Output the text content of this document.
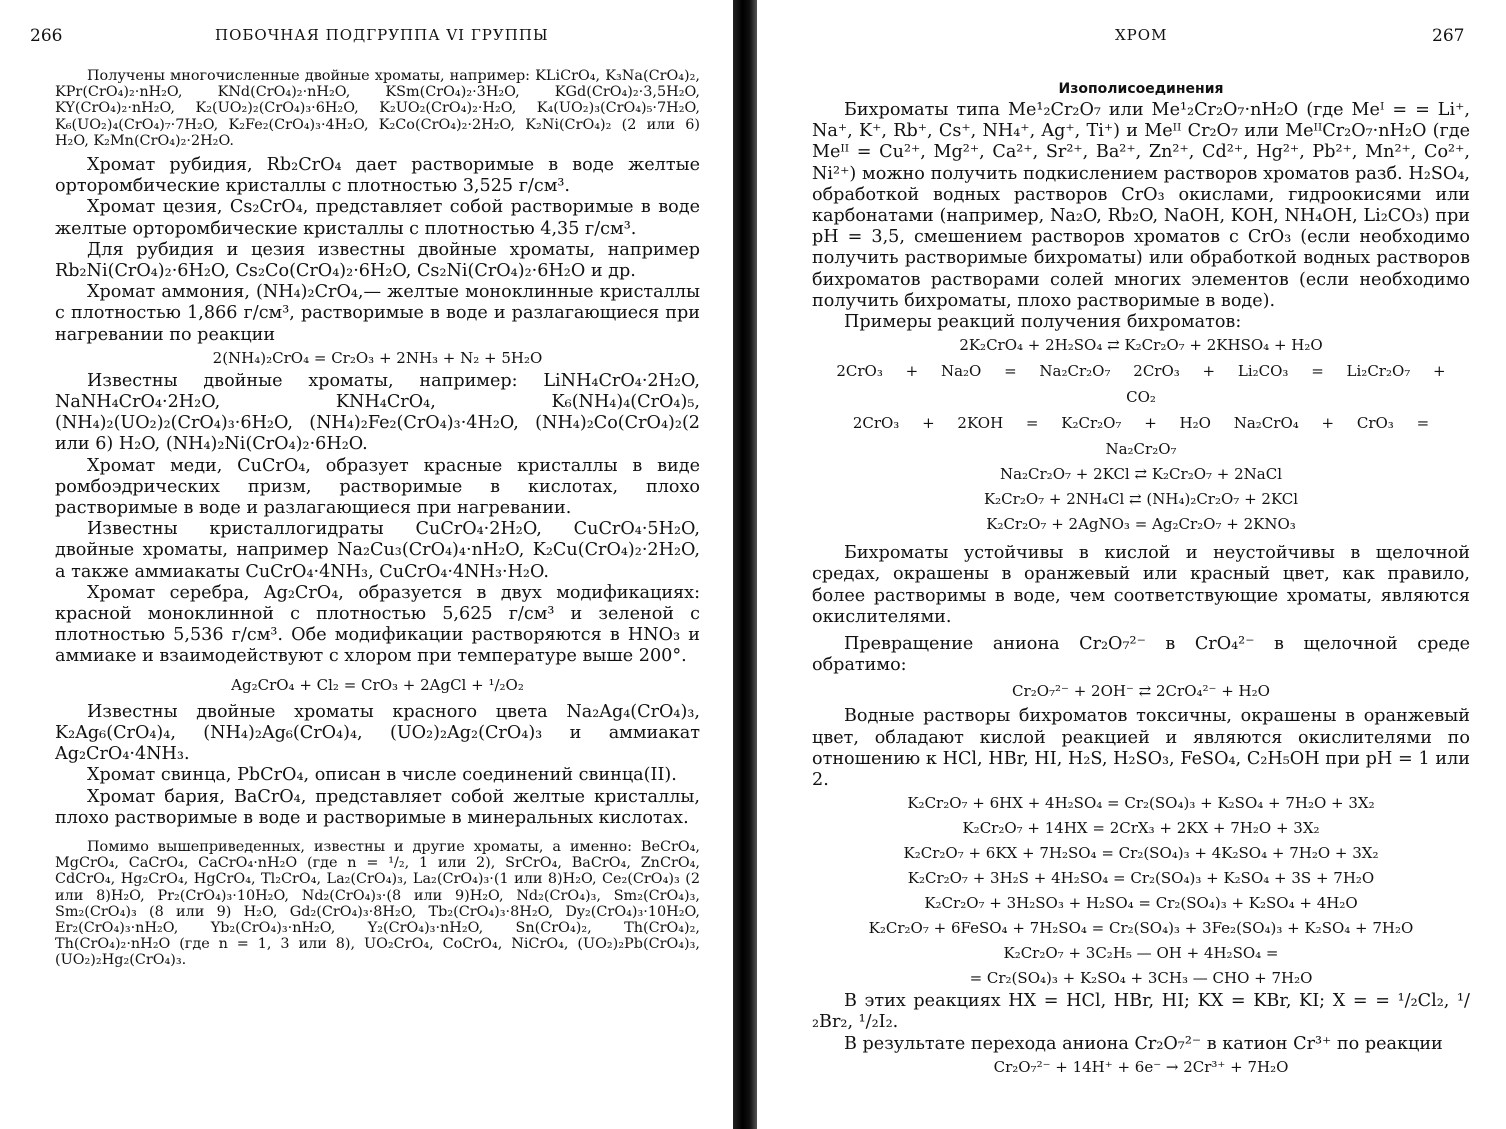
266	ПОБОЧНАЯ ПОДГРУППА VI ГРУППЫ

Получены многочисленные двойные хроматы, например: KLiCrO₄, K₃Na(CrO₄)₂, KPr(CrO₄)₂·nH₂O, KNd(CrO₄)₂·nH₂O, KSm(CrO₄)₂·3H₂O, KGd(CrO₄)₂·3,5H₂O, KY(CrO₄)₂·nH₂O, K₂(UO₂)₂(CrO₄)₃·6H₂O, K₂UO₂(CrO₄)₂·H₂O, K₄(UO₂)₃(CrO₄)₅·7H₂O, K₆(UO₂)₄(CrO₄)₇·7H₂O, K₂Fe₂(CrO₄)₃·4H₂O, K₂Co(CrO₄)₂·2H₂O, K₂Ni(CrO₄)₂ (2 или 6) H₂O, K₂Mn(CrO₄)₂·2H₂O.

Хромат рубидия, Rb₂CrO₄ дает растворимые в воде желтые орторомбические кристаллы с плотностью 3,525 г/см³.

Хромат цезия, Cs₂CrO₄, представляет собой растворимые в воде желтые орторомбические кристаллы с плотностью 4,35 г/см³.

Для рубидия и цезия известны двойные хроматы, например Rb₂Ni(CrO₄)₂·6H₂O, Cs₂Co(CrO₄)₂·6H₂O, Cs₂Ni(CrO₄)₂·6H₂O и др.

Хромат аммония, (NH₄)₂CrO₄,— желтые моноклинные кристаллы с плотностью 1,866 г/см³, растворимые в воде и разлагающиеся при нагревании по реакции

2(NH₄)₂CrO₄ = Cr₂O₃ + 2NH₃ + N₂ + 5H₂O

Известны двойные хроматы, например: LiNH₄CrO₄·2H₂O, NaNH₄CrO₄·2H₂O, KNH₄CrO₄, K₆(NH₄)₄(CrO₄)₅, (NH₄)₂(UO₂)₂(CrO₄)₃·6H₂O, (NH₄)₂Fe₂(CrO₄)₃·4H₂O, (NH₄)₂Co(CrO₄)₂(2 или 6) H₂O, (NH₄)₂Ni(CrO₄)₂·6H₂O.

Хромат меди, CuCrO₄, образует красные кристаллы в виде ромбоэдрических призм, растворимые в кислотах, плохо растворимые в воде и разлагающиеся при нагревании.

Известны кристаллогидраты CuCrO₄·2H₂O, CuCrO₄·5H₂O, двойные хроматы, например Na₂Cu₃(CrO₄)₄·nH₂O, K₂Cu(CrO₄)₂·2H₂O, а также аммиакаты CuCrO₄·4NH₃, CuCrO₄·4NH₃·H₂O.

Хромат серебра, Ag₂CrO₄, образуется в двух модификациях: красной моноклинной с плотностью 5,625 г/см³ и зеленой с плотностью 5,536 г/см³. Обе модификации растворяются в HNO₃ и аммиаке и взаимодействуют с хлором при температуре выше 200°.

Ag₂CrO₄ + Cl₂ = CrO₃ + 2AgCl + ¹/₂O₂

Известны двойные хроматы красного цвета Na₂Ag₄(CrO₄)₃, K₂Ag₆(CrO₄)₄, (NH₄)₂Ag₆(CrO₄)₄, (UO₂)₂Ag₂(CrO₄)₃ и аммиакат Ag₂CrO₄·4NH₃.

Хромат свинца, PbCrO₄, описан в числе соединений свинца(II).

Хромат бария, BaCrO₄, представляет собой желтые кристаллы, плохо растворимые в воде и растворимые в минеральных кислотах.

Помимо вышеприведенных, известны и другие хроматы, а именно: BeCrO₄, MgCrO₄, CaCrO₄, CaCrO₄·nH₂O (где n = ¹/₂, 1 или 2), SrCrO₄, BaCrO₄, ZnCrO₄, CdCrO₄, Hg₂CrO₄, HgCrO₄, Tl₂CrO₄, La₂(CrO₄)₃, La₂(CrO₄)₃·(1 или 8)H₂O, Ce₂(CrO₄)₃ (2 или 8)H₂O, Pr₂(CrO₄)₃·10H₂O, Nd₂(CrO₄)₃·(8 или 9)H₂O, Nd₂(CrO₄)₃, Sm₂(CrO₄)₃, Sm₂(CrO₄)₃ (8 или 9) H₂O, Gd₂(CrO₄)₃·8H₂O, Tb₂(CrO₄)₃·8H₂O, Dy₂(CrO₄)₃·10H₂O, Er₂(CrO₄)₃·nH₂O, Yb₂(CrO₄)₃·nH₂O, Y₂(CrO₄)₃·nH₂O, Sn(CrO₄)₂, Th(CrO₄)₂, Th(CrO₄)₂·nH₂O (где n = 1, 3 или 8), UO₂CrO₄, CoCrO₄, NiCrO₄, (UO₂)₂Pb(CrO₄)₃, (UO₂)₂Hg₂(CrO₄)₃.

ХРОМ	267
Изополисоединения

Бихроматы типа Me¹₂Cr₂O₇ или Me¹₂Cr₂O₇·nH₂O (где Meᴵ = = Li⁺, Na⁺, K⁺, Rb⁺, Cs⁺, NH₄⁺, Ag⁺, Ti⁺) и Meᴵᴵ Cr₂O₇ или MeᴵᴵCr₂O₇·nH₂O (где Meᴵᴵ = Cu²⁺, Mg²⁺, Ca²⁺, Sr²⁺, Ba²⁺, Zn²⁺, Cd²⁺, Hg²⁺, Pb²⁺, Mn²⁺, Co²⁺, Ni²⁺) можно получить подкислением растворов хроматов разб. H₂SO₄, обработкой водных растворов CrO₃ окислами, гидроокисями или карбонатами (например, Na₂O, Rb₂O, NaOH, KOH, NH₄OH, Li₂CO₃) при pH = 3,5, смешением растворов хроматов с CrO₃ (если необходимо получить растворимые бихроматы) или обработкой водных растворов бихроматов растворами солей многих элементов (если необходимо получить бихроматы, плохо растворимые в воде).

Примеры реакций получения бихроматов:

2K₂CrO₄ + 2H₂SO₄ ⇄ K₂Cr₂O₇ + 2KHSO₄ + H₂O

2CrO₃ + Na₂O = Na₂Cr₂O₇ 2CrO₃ + Li₂CO₃ = Li₂Cr₂O₇ + CO₂
2CrO₃ + 2KOH = K₂Cr₂O₇ + H₂O Na₂CrO₄ + CrO₃ = Na₂Cr₂O₇

Na₂Cr₂O₇ + 2KCl ⇄ K₂Cr₂O₇ + 2NaCl

K₂Cr₂O₇ + 2NH₄Cl ⇄ (NH₄)₂Cr₂O₇ + 2KCl

K₂Cr₂O₇ + 2AgNO₃ = Ag₂Cr₂O₇ + 2KNO₃

Бихроматы устойчивы в кислой и неустойчивы в щелочной средах, окрашены в оранжевый или красный цвет, как правило, более растворимы в воде, чем соответствующие хроматы, являются окислителями.

Превращение аниона Cr₂O₇²⁻ в CrO₄²⁻ в щелочной среде обратимо:

Cr₂O₇²⁻ + 2OH⁻ ⇄ 2CrO₄²⁻ + H₂O

Водные растворы бихроматов токсичны, окрашены в оранжевый цвет, обладают кислой реакцией и являются окислителями по отношению к HCl, HBr, HI, H₂S, H₂SO₃, FeSO₄, C₂H₅OH при pH = 1 или 2.

K₂Cr₂O₇ + 6HX + 4H₂SO₄ = Cr₂(SO₄)₃ + K₂SO₄ + 7H₂O + 3X₂

K₂Cr₂O₇ + 14HX = 2CrX₃ + 2KX + 7H₂O + 3X₂

K₂Cr₂O₇ + 6KX + 7H₂SO₄ = Cr₂(SO₄)₃ + 4K₂SO₄ + 7H₂O + 3X₂

K₂Cr₂O₇ + 3H₂S + 4H₂SO₄ = Cr₂(SO₄)₃ + K₂SO₄ + 3S + 7H₂O

K₂Cr₂O₇ + 3H₂SO₃ + H₂SO₄ = Cr₂(SO₄)₃ + K₂SO₄ + 4H₂O

K₂Cr₂O₇ + 6FeSO₄ + 7H₂SO₄ = Cr₂(SO₄)₃ + 3Fe₂(SO₄)₃ + K₂SO₄ + 7H₂O

K₂Cr₂O₇ + 3C₂H₅ — OH + 4H₂SO₄ =

= Cr₂(SO₄)₃ + K₂SO₄ + 3CH₃ — CHO + 7H₂O

В этих реакциях HX = HCl, HBr, HI; KX = KBr, KI; X = = ¹/₂Cl₂, ¹/₂Br₂, ¹/₂I₂.

В результате перехода аниона Cr₂O₇²⁻ в катион Cr³⁺ по реакции

Cr₂O₇²⁻ + 14H⁺ + 6e⁻ → 2Cr³⁺ + 7H₂O
